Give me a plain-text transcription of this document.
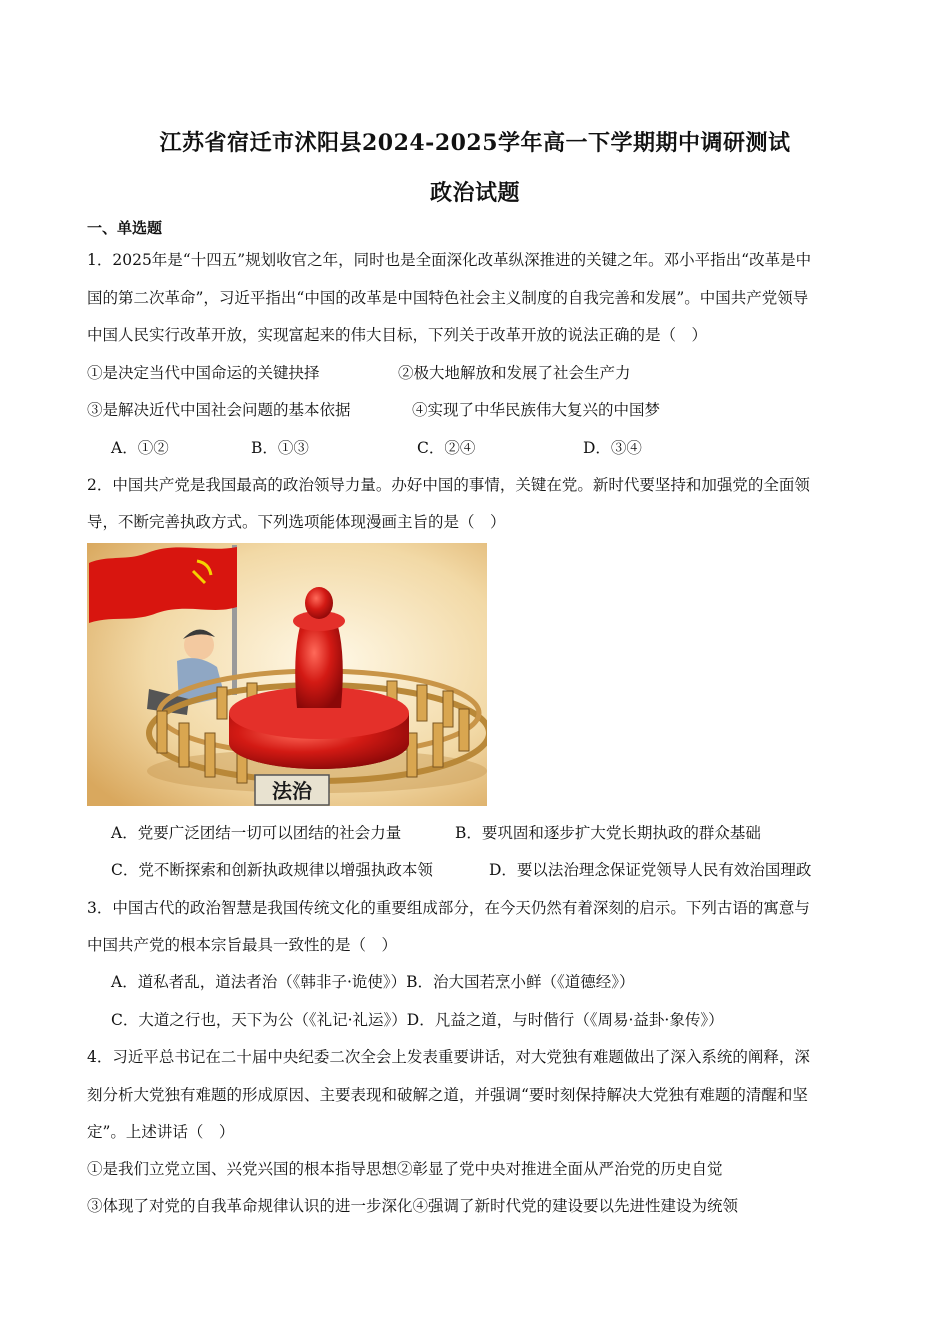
江苏省宿迁市沭阳县2024-2025学年高一下学期期中调研测试
政治试题
一、单选题
1．2025年是“十四五”规划收官之年，同时也是全面深化改革纵深推进的关键之年。邓小平指出“改革是中
国的第二次革命”，习近平指出“中国的改革是中国特色社会主义制度的自我完善和发展”。中国共产党领导
中国人民实行改革开放，实现富起来的伟大目标，下列关于改革开放的说法正确的是（　）
①是决定当代中国命运的关键抉择	②极大地解放和发展了社会生产力
③是解决近代中国社会问题的基本依据	④实现了中华民族伟大复兴的中国梦
A．①②	B．①③	C．②④	D．③④
2．中国共产党是我国最高的政治领导力量。办好中国的事情，关键在党。新时代要坚持和加强党的全面领
导，不断完善执政方式。下列选项能体现漫画主旨的是（　）
法治
A．党要广泛团结一切可以团结的社会力量	B．要巩固和逐步扩大党长期执政的群众基础
C．党不断探索和创新执政规律以增强执政本领	D．要以法治理念保证党领导人民有效治国理政
3．中国古代的政治智慧是我国传统文化的重要组成部分，在今天仍然有着深刻的启示。下列古语的寓意与
中国共产党的根本宗旨最具一致性的是（　）
A．道私者乱，道法者治（《韩非子·诡使》）B．治大国若烹小鲜（《道德经》）
C．大道之行也，天下为公（《礼记·礼运》）D．凡益之道，与时偕行（《周易·益卦·象传》）
4．习近平总书记在二十届中央纪委二次全会上发表重要讲话，对大党独有难题做出了深入系统的阐释，深
刻分析大党独有难题的形成原因、主要表现和破解之道，并强调“要时刻保持解决大党独有难题的清醒和坚
定”。上述讲话（　）
①是我们立党立国、兴党兴国的根本指导思想②彰显了党中央对推进全面从严治党的历史自觉
③体现了对党的自我革命规律认识的进一步深化④强调了新时代党的建设要以先进性建设为统领
